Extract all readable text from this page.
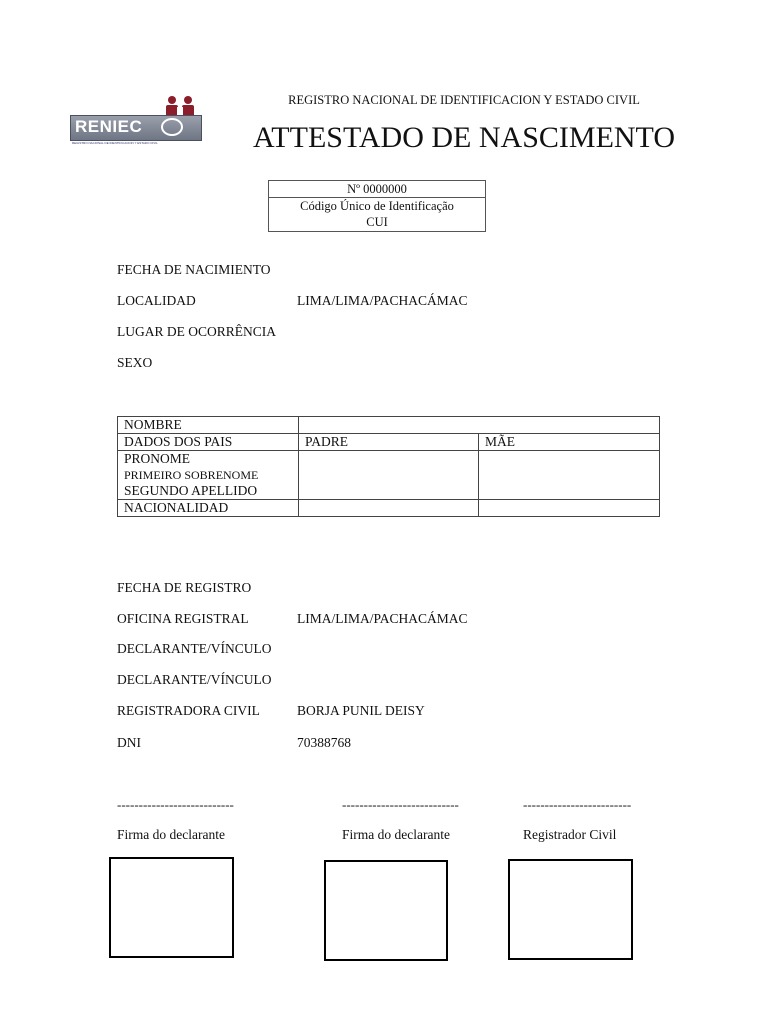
RENIEC
REGISTRO NACIONAL DE IDENTIFICACION Y ESTADO CIVIL
REGISTRO NACIONAL DE IDENTIFICACION Y ESTADO CIVIL
ATTESTADO DE NASCIMENTO
Nº 0000000
Código Único de Identificação
CUI
FECHA DE NACIMIENTO
LOCALIDAD	LIMA/LIMA/PACHACÁMAC
LUGAR DE OCORRÊNCIA
SEXO
NOMBRE		
DADOS DOS PAIS	PADRE	MÃE

PRONOME
PRIMEIRO SOBRENOME
SEGUNDO APELLIDO		

NACIONALIDAD		
FECHA DE REGISTRO
OFICINA REGISTRAL	LIMA/LIMA/PACHACÁMAC
DECLARANTE/VÍNCULO
DECLARANTE/VÍNCULO
REGISTRADORA CIVIL	BORJA PUNIL DEISY
DNI	70388768
---------------------------	---------------------------	-------------------------
Firma do declarante	Firma do declarante	Registrador Civil
